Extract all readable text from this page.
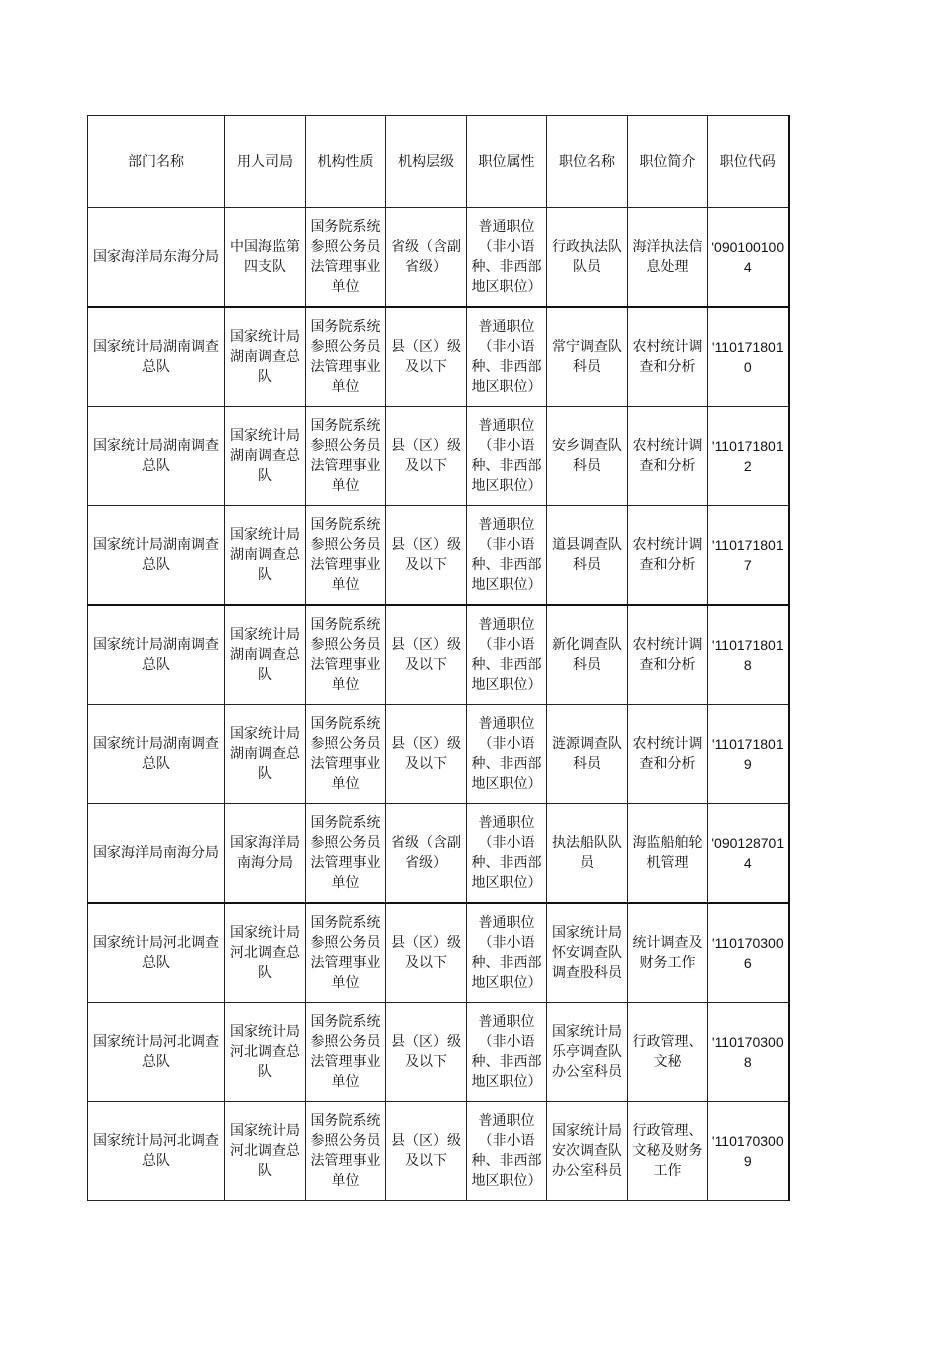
部门名称	用人司局	机构性质	机构层级	职位属性	职位名称	职位简介	职位代码
国家海洋局东海分局	中国海监第四支队	国务院系统参照公务员法管理事业单位	省级（含副省级）	普通职位（非小语种、非西部地区职位）	行政执法队队员	海洋执法信息处理	'0901001004
国家统计局湖南调查总队	国家统计局湖南调查总队	国务院系统参照公务员法管理事业单位	县（区）级及以下	普通职位（非小语种、非西部地区职位）	常宁调查队科员	农村统计调查和分析	'1101718010
国家统计局湖南调查总队	国家统计局湖南调查总队	国务院系统参照公务员法管理事业单位	县（区）级及以下	普通职位（非小语种、非西部地区职位）	安乡调查队科员	农村统计调查和分析	'1101718012
国家统计局湖南调查总队	国家统计局湖南调查总队	国务院系统参照公务员法管理事业单位	县（区）级及以下	普通职位（非小语种、非西部地区职位）	道县调查队科员	农村统计调查和分析	'1101718017
国家统计局湖南调查总队	国家统计局湖南调查总队	国务院系统参照公务员法管理事业单位	县（区）级及以下	普通职位（非小语种、非西部地区职位）	新化调查队科员	农村统计调查和分析	'1101718018
国家统计局湖南调查总队	国家统计局湖南调查总队	国务院系统参照公务员法管理事业单位	县（区）级及以下	普通职位（非小语种、非西部地区职位）	涟源调查队科员	农村统计调查和分析	'1101718019
国家海洋局南海分局	国家海洋局南海分局	国务院系统参照公务员法管理事业单位	省级（含副省级）	普通职位（非小语种、非西部地区职位）	执法船队队员	海监船舶轮机管理	'0901287014
国家统计局河北调查总队	国家统计局河北调查总队	国务院系统参照公务员法管理事业单位	县（区）级及以下	普通职位（非小语种、非西部地区职位）	国家统计局怀安调查队调查股科员	统计调查及财务工作	'1101703006
国家统计局河北调查总队	国家统计局河北调查总队	国务院系统参照公务员法管理事业单位	县（区）级及以下	普通职位（非小语种、非西部地区职位）	国家统计局乐亭调查队办公室科员	行政管理、文秘	'1101703008
国家统计局河北调查总队	国家统计局河北调查总队	国务院系统参照公务员法管理事业单位	县（区）级及以下	普通职位（非小语种、非西部地区职位）	国家统计局安次调查队办公室科员	行政管理、文秘及财务工作	'1101703009
